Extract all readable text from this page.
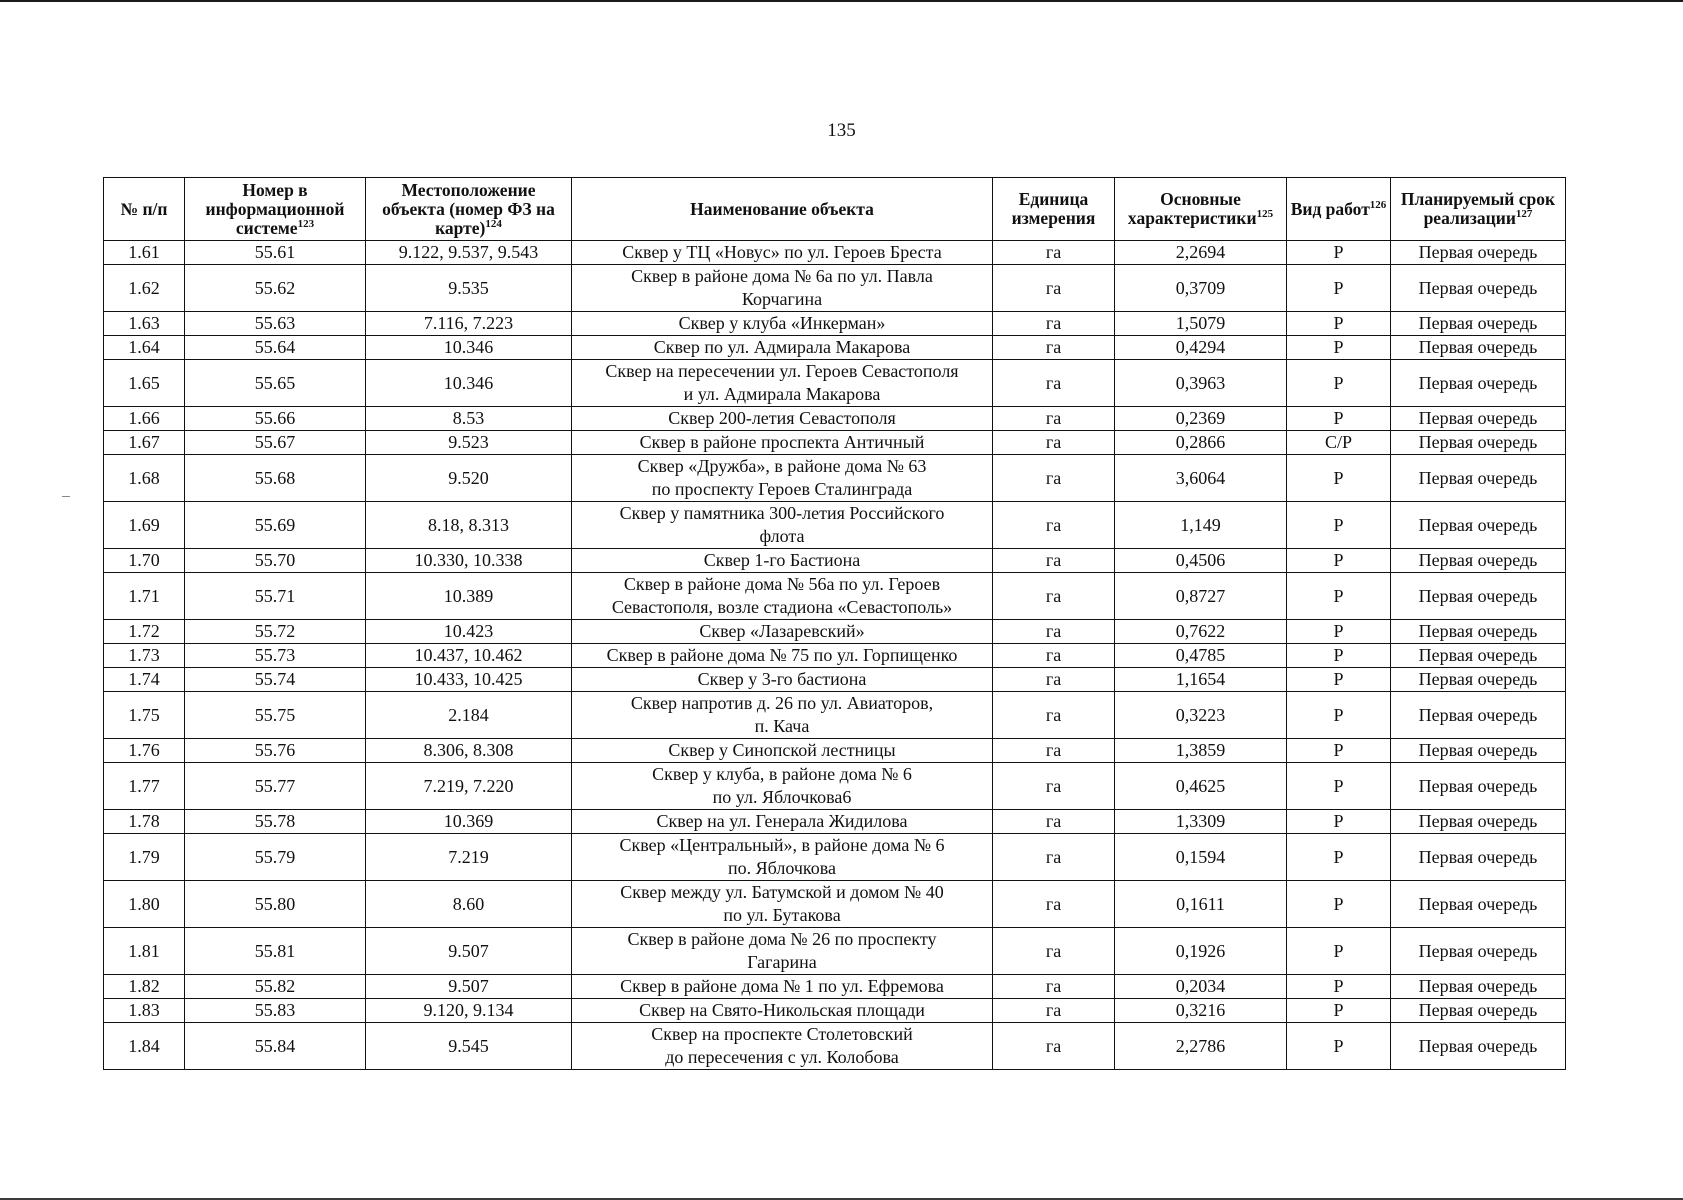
135
№ п/п	Номер в информационной системе$^{123}$	Местоположение объекта (номер ФЗ на карте)$^{124}$	Наименование объекта	Единица измерения	Основные характеристики$^{125}$	Вид работ$^{126}$	Планируемый срок реализации$^{127}$
1.61	55.61	9.122, 9.537, 9.543	Сквер у ТЦ «Новус» по ул. Героев Бреста	га	2,2694	Р	Первая очередь
1.62	55.62	9.535	Сквер в районе дома № 6а по ул. Павла
Корчагина	га	0,3709	Р	Первая очередь
1.63	55.63	7.116, 7.223	Сквер у клуба «Инкерман»	га	1,5079	Р	Первая очередь
1.64	55.64	10.346	Сквер по ул. Адмирала Макарова	га	0,4294	Р	Первая очередь
1.65	55.65	10.346	Сквер на пересечении ул. Героев Севастополя
и ул. Адмирала Макарова	га	0,3963	Р	Первая очередь
1.66	55.66	8.53	Сквер 200-летия Севастополя	га	0,2369	Р	Первая очередь
1.67	55.67	9.523	Сквер в районе проспекта Античный	га	0,2866	С/Р	Первая очередь
1.68	55.68	9.520	Сквер «Дружба», в районе дома № 63
по проспекту Героев Сталинграда	га	3,6064	Р	Первая очередь
1.69	55.69	8.18, 8.313	Сквер у памятника 300-летия Российского
флота	га	1,149	Р	Первая очередь
1.70	55.70	10.330, 10.338	Сквер 1-го Бастиона	га	0,4506	Р	Первая очередь
1.71	55.71	10.389	Сквер в районе дома № 56а по ул. Героев
Севастополя, возле стадиона «Севастополь»	га	0,8727	Р	Первая очередь
1.72	55.72	10.423	Сквер «Лазаревский»	га	0,7622	Р	Первая очередь
1.73	55.73	10.437, 10.462	Сквер в районе дома № 75 по ул. Горпищенко	га	0,4785	Р	Первая очередь
1.74	55.74	10.433, 10.425	Сквер у 3-го бастиона	га	1,1654	Р	Первая очередь
1.75	55.75	2.184	Сквер напротив д. 26 по ул. Авиаторов,
п. Кача	га	0,3223	Р	Первая очередь
1.76	55.76	8.306, 8.308	Сквер у Синопской лестницы	га	1,3859	Р	Первая очередь
1.77	55.77	7.219, 7.220	Сквер у клуба, в районе дома № 6
по ул. Яблочкова6	га	0,4625	Р	Первая очередь
1.78	55.78	10.369	Сквер на ул. Генерала Жидилова	га	1,3309	Р	Первая очередь
1.79	55.79	7.219	Сквер «Центральный», в районе дома № 6
по. Яблочкова	га	0,1594	Р	Первая очередь
1.80	55.80	8.60	Сквер между ул. Батумской и домом № 40
по ул. Бутакова	га	0,1611	Р	Первая очередь
1.81	55.81	9.507	Сквер в районе дома № 26 по проспекту
Гагарина	га	0,1926	Р	Первая очередь
1.82	55.82	9.507	Сквер в районе дома № 1 по ул. Ефремова	га	0,2034	Р	Первая очередь
1.83	55.83	9.120, 9.134	Сквер на Свято-Никольская площади	га	0,3216	Р	Первая очередь
1.84	55.84	9.545	Сквер на проспекте Столетовский
до пересечения с ул. Колобова	га	2,2786	Р	Первая очередь
